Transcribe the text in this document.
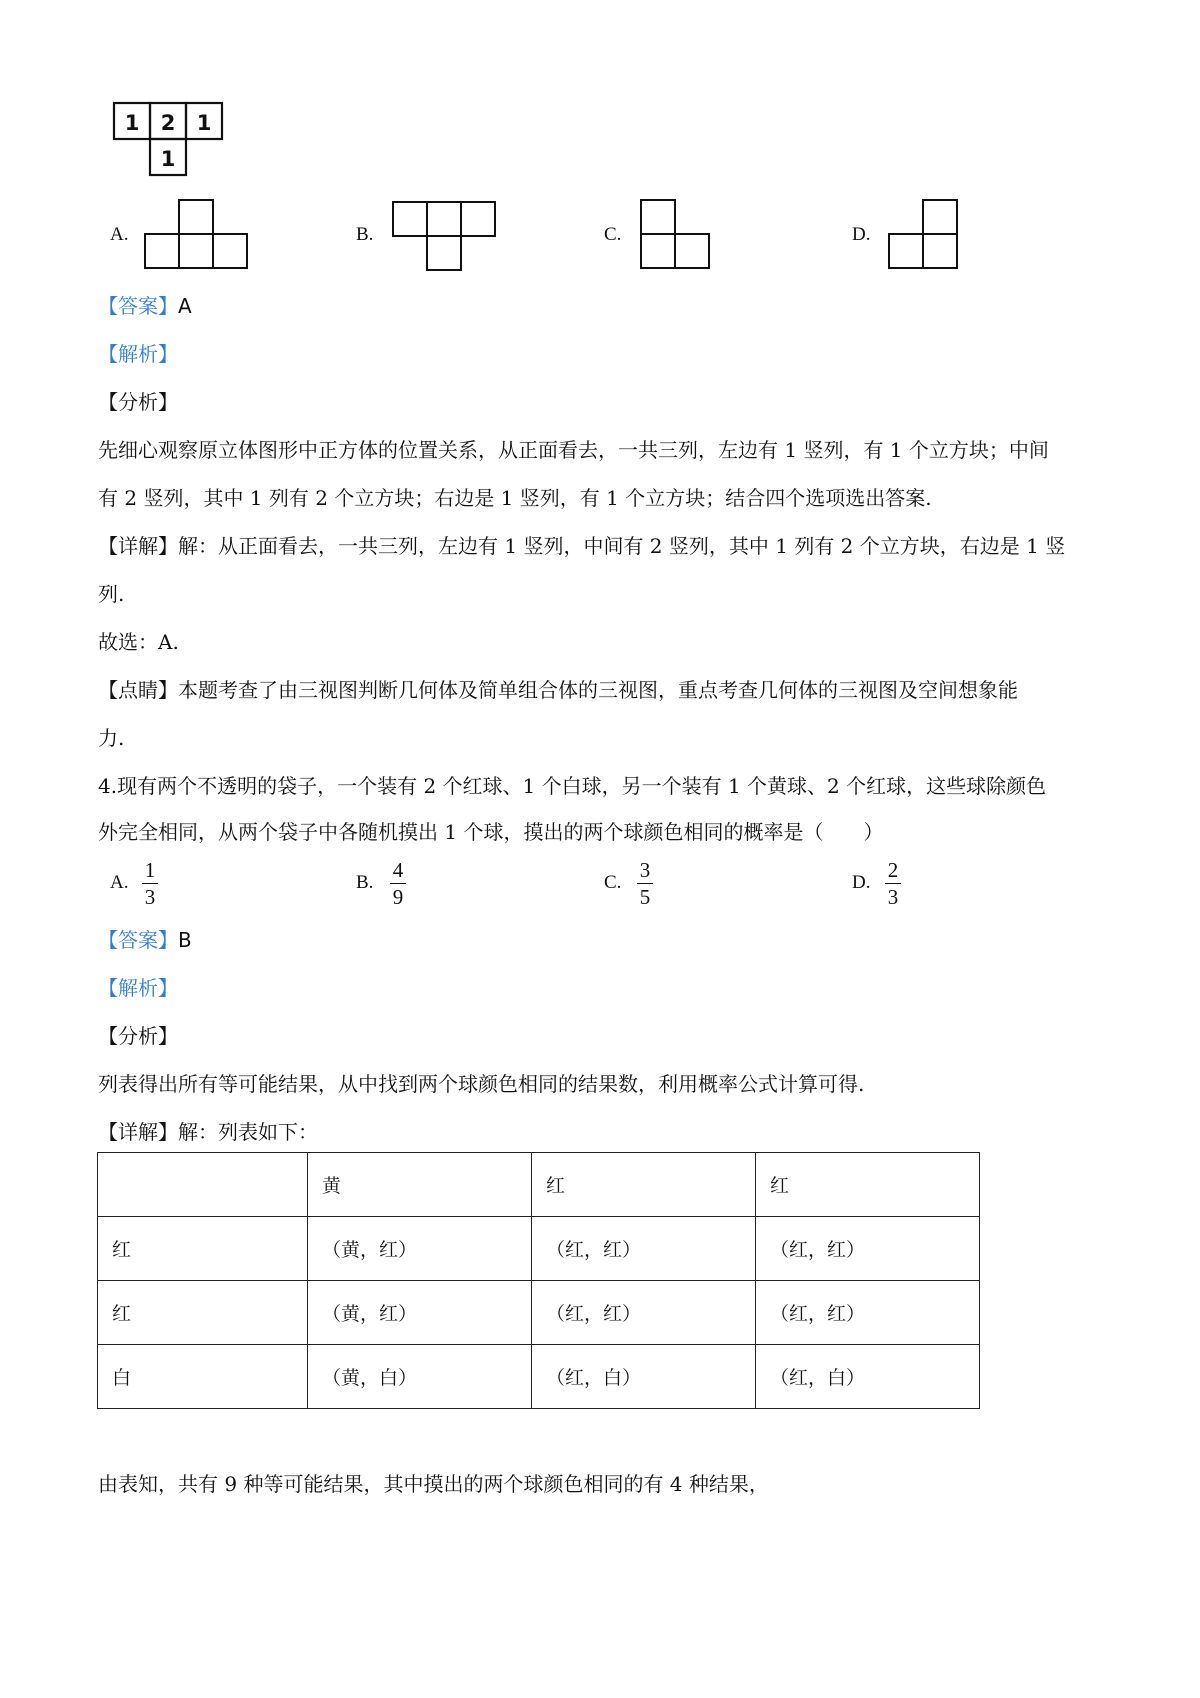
1 2 1
1
A.	B.	C.	D.
【答案】A
【解析】
【分析】
先细心观察原立体图形中正方体的位置关系，从正面看去，一共三列，左边有 1 竖列，有 1 个立方块；中间
有 2 竖列，其中 1 列有 2 个立方块；右边是 1 竖列，有 1 个立方块；结合四个选项选出答案.
【详解】解：从正面看去，一共三列，左边有 1 竖列，中间有 2 竖列，其中 1 列有 2 个立方块，右边是 1 竖
列.
故选：A.
【点睛】本题考查了由三视图判断几何体及简单组合体的三视图，重点考查几何体的三视图及空间想象能
力.
4.现有两个不透明的袋子，一个装有 2 个红球、1 个白球，另一个装有 1 个黄球、2 个红球，这些球除颜色
外完全相同，从两个袋子中各随机摸出 1 个球，摸出的两个球颜色相同的概率是（　　）
A.
1
3
B.
4
9
C.
3
5
D.
2
3
【答案】B
【解析】
【分析】
列表得出所有等可能结果，从中找到两个球颜色相同的结果数，利用概率公式计算可得.
【详解】解：列表如下：
	黄	红	红
红	（黄，红）	（红，红）	（红，红）
红	（黄，红）	（红，红）	（红，红）
白	（黄，白）	（红，白）	（红，白）
由表知，共有 9 种等可能结果，其中摸出的两个球颜色相同的有 4 种结果，
